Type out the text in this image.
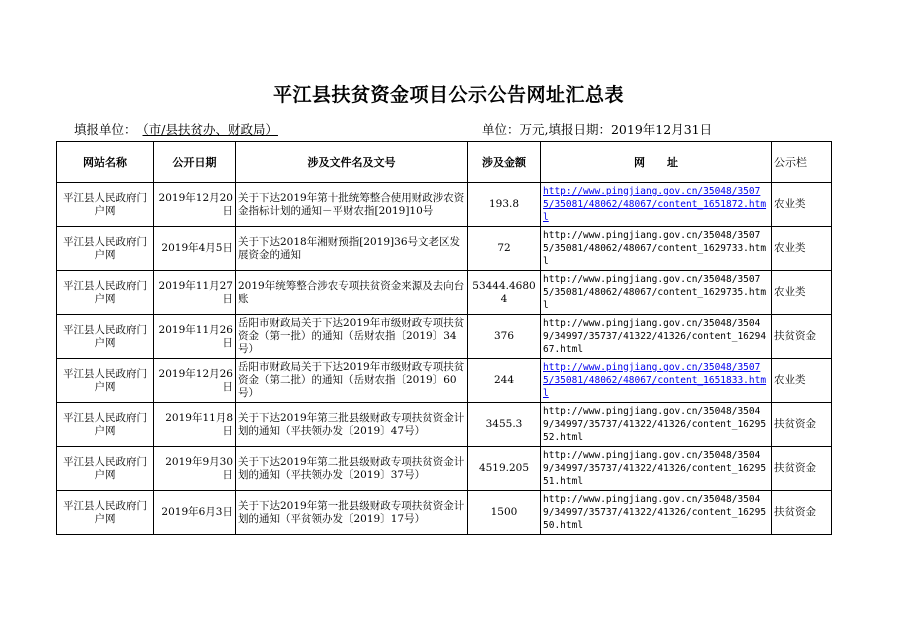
平江县扶贫资金项目公示公告网址汇总表
填报单位： （市/县扶贫办、财政局）	单位：万元,填报日期：2019年12月31日
网站名称	公开日期	涉及文件名及文号	涉及金额	网　　址	公示栏
平江县人民政府门户网	2019年12月20日	关于下达2019年第十批统筹整合使用财政涉农资金指标计划的通知－平财农指[2019]10号	193.8	http://www.pingjiang.gov.cn/35048/35075/35081/48062/48067/content_1651872.html	农业类
平江县人民政府门户网	2019年4月5日	关于下达2018年湘财预指[2019]36号文老区发展资金的通知	72	http://www.pingjiang.gov.cn/35048/35075/35081/48062/48067/content_1629733.html	农业类
平江县人民政府门户网	2019年11月27日	2019年统筹整合涉农专项扶贫资金来源及去向台账	53444.46804	http://www.pingjiang.gov.cn/35048/35075/35081/48062/48067/content_1629735.html	农业类
平江县人民政府门户网	2019年11月26日	岳阳市财政局关于下达2019年市级财政专项扶贫资金（第一批）的通知（岳财农指〔2019〕34号）	376	http://www.pingjiang.gov.cn/35048/35049/34997/35737/41322/41326/content_1629467.html	扶贫资金
平江县人民政府门户网	2019年12月26日	岳阳市财政局关于下达2019年市级财政专项扶贫资金（第二批）的通知（岳财农指〔2019〕60号）	244	http://www.pingjiang.gov.cn/35048/35075/35081/48062/48067/content_1651833.html	农业类
平江县人民政府门户网	2019年11月8日	关于下达2019年第三批县级财政专项扶贫资金计划的通知（平扶领办发〔2019〕47号）	3455.3	http://www.pingjiang.gov.cn/35048/35049/34997/35737/41322/41326/content_1629552.html	扶贫资金
平江县人民政府门户网	2019年9月30日	关于下达2019年第二批县级财政专项扶贫资金计划的通知（平扶领办发〔2019〕37号）	4519.205	http://www.pingjiang.gov.cn/35048/35049/34997/35737/41322/41326/content_1629551.html	扶贫资金
平江县人民政府门户网	2019年6月3日	关于下达2019年第一批县级财政专项扶贫资金计划的通知（平贫领办发〔2019〕17号）	1500	http://www.pingjiang.gov.cn/35048/35049/34997/35737/41322/41326/content_1629550.html	扶贫资金
